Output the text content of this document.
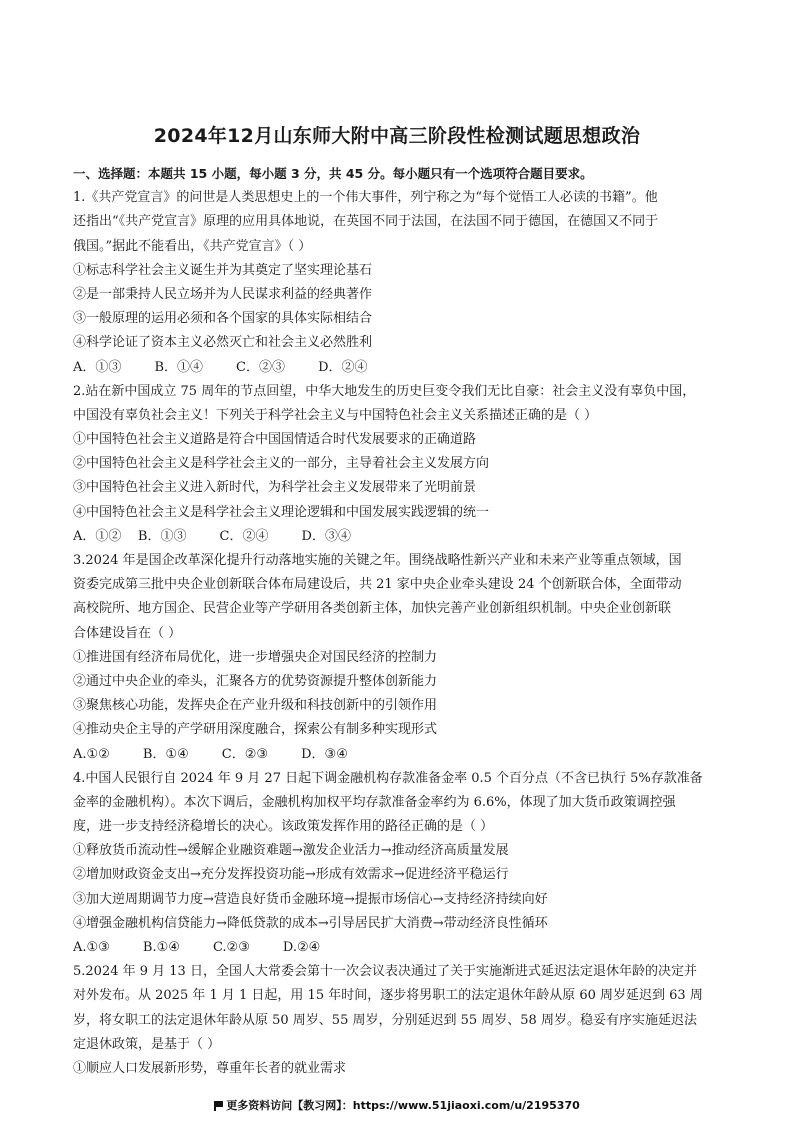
2024年12月山东师大附中高三阶段性检测试题思想政治
一、选择题：本题共 15 小题，每小题 3 分，共 45 分。每小题只有一个选项符合题目要求。
1.《共产党宣言》的问世是人类思想史上的一个伟大事件，列宁称之为“每个觉悟工人必读的书籍”。他
还指出“《共产党宣言》原理的应用具体地说，在英国不同于法国，在法国不同于德国，在德国又不同于
俄国。”据此不能看出，《共产党宣言》（ ）
①标志科学社会主义诞生并为其奠定了坚实理论基石
②是一部秉持人民立场并为人民谋求利益的经典著作
③一般原理的运用必须和各个国家的具体实际相结合
④科学论证了资本主义必然灭亡和社会主义必然胜利
A．①③        B．①④        C．②③        D．②④
2.站在新中国成立 75 周年的节点回望，中华大地发生的历史巨变令我们无比自豪：社会主义没有辜负中国，
中国没有辜负社会主义！下列关于科学社会主义与中国特色社会主义关系描述正确的是（ ）
①中国特色社会主义道路是符合中国国情适合时代发展要求的正确道路
②中国特色社会主义是科学社会主义的一部分，主导着社会主义发展方向
③中国特色社会主义进入新时代，为科学社会主义发展带来了光明前景
④中国特色社会主义是科学社会主义理论逻辑和中国发展实践逻辑的统一
A．①②    B．①③        C．②④        D．③④
3.2024 年是国企改革深化提升行动落地实施的关键之年。围绕战略性新兴产业和未来产业等重点领域，国
资委完成第三批中央企业创新联合体布局建设后，共 21 家中央企业牵头建设 24 个创新联合体，全面带动
高校院所、地方国企、民营企业等产学研用各类创新主体，加快完善产业创新组织机制。中央企业创新联
合体建设旨在（ ）
①推进国有经济布局优化，进一步增强央企对国民经济的控制力
②通过中央企业的牵头，汇聚各方的优势资源提升整体创新能力
③聚焦核心功能，发挥央企在产业升级和科技创新中的引领作用
④推动央企主导的产学研用深度融合，探索公有制多种实现形式
A.①②        B．①④        C．②③        D．③④
4.中国人民银行自 2024 年 9 月 27 日起下调金融机构存款准备金率 0.5 个百分点（不含已执行 5%存款准备
金率的金融机构）。本次下调后，金融机构加权平均存款准备金率约为 6.6%，体现了加大货币政策调控强
度，进一步支持经济稳增长的决心。该政策发挥作用的路径正确的是（ ）
①释放货币流动性→缓解企业融资难题→激发企业活力→推动经济高质量发展
②增加财政资金支出→充分发挥投资功能→形成有效需求→促进经济平稳运行
③加大逆周期调节力度→营造良好货币金融环境→提振市场信心→支持经济持续向好
④增强金融机构信贷能力→降低贷款的成本→引导居民扩大消费→带动经济良性循环
A.①③        B.①④        C.②③        D.②④
5.2024 年 9 月 13 日，全国人大常委会第十一次会议表决通过了关于实施渐进式延迟法定退休年龄的决定并
对外发布。从 2025 年 1 月 1 日起，用 15 年时间，逐步将男职工的法定退休年龄从原 60 周岁延迟到 63 周
岁，将女职工的法定退休年龄从原 50 周岁、55 周岁，分别延迟到 55 周岁、58 周岁。稳妥有序实施延迟法
定退休政策，是基于（ ）
①顺应人口发展新形势，尊重年长者的就业需求
更多资料访问【教习网】：https://www.51jiaoxi.com/u/2195370
